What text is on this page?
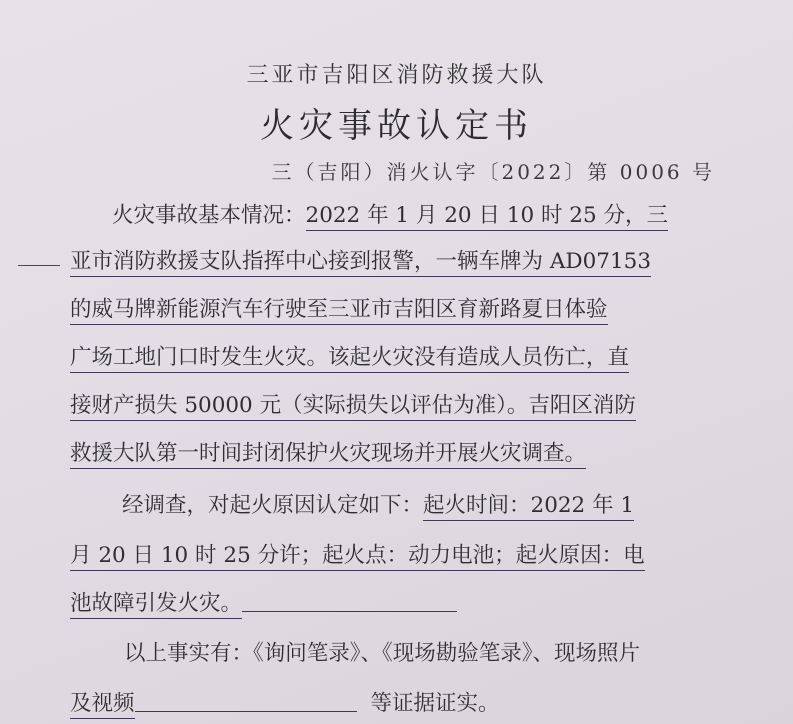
三亚市吉阳区消防救援大队
火灾事故认定书
三（吉阳）消火认字〔2022〕第 0006 号
火灾事故基本情况：2022 年 1 月 20 日 10 时 25 分，三
亚市消防救援支队指挥中心接到报警，一辆车牌为 AD07153
的威马牌新能源汽车行驶至三亚市吉阳区育新路夏日体验
广场工地门口时发生火灾。该起火灾没有造成人员伤亡，直
接财产损失 50000 元（实际损失以评估为准）。吉阳区消防
救援大队第一时间封闭保护火灾现场并开展火灾调查。
经调查，对起火原因认定如下：起火时间：2022 年 1
月 20 日 10 时 25 分许；起火点：动力电池；起火原因：电
池故障引发火灾。
以上事实有：《询问笔录》、《现场勘验笔录》、现场照片
及视频	等证据证实。
